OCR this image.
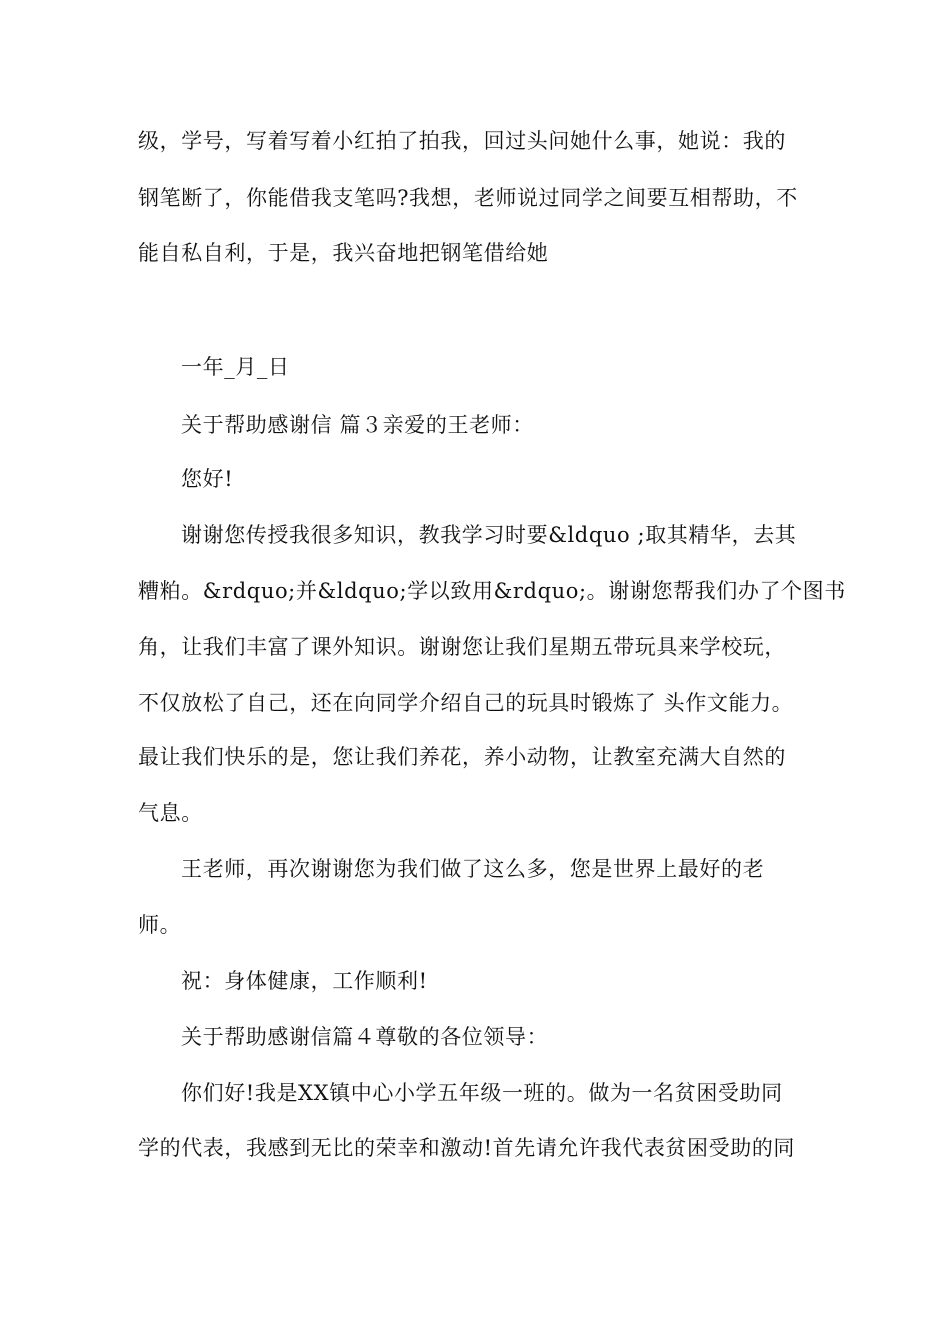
级，学号，写着写着小红拍了拍我，回过头问她什么事，她说：我的
钢笔断了，你能借我支笔吗?我想，老师说过同学之间要互相帮助，不
能自私自利，于是，我兴奋地把钢笔借给她
一年_月_日
关于帮助感谢信 篇３亲爱的王老师：
您好!
谢谢您传授我很多知识，教我学习时要&ldquo ;取其精华，去其
糟粕。&rdquo;并&ldquo;学以致用&rdquo;。谢谢您帮我们办了个图书
角，让我们丰富了课外知识。谢谢您让我们星期五带玩具来学校玩，
不仅放松了自己，还在向同学介绍自己的玩具时锻炼了 头作文能力。
最让我们快乐的是，您让我们养花，养小动物，让教室充满大自然的
气息。
王老师，再次谢谢您为我们做了这么多，您是世界上最好的老
师。
祝：身体健康，工作顺利!
关于帮助感谢信篇４尊敬的各位领导：
你们好!我是XX镇中心小学五年级一班的。做为一名贫困受助同
学的代表，我感到无比的荣幸和激动!首先请允许我代表贫困受助的同
